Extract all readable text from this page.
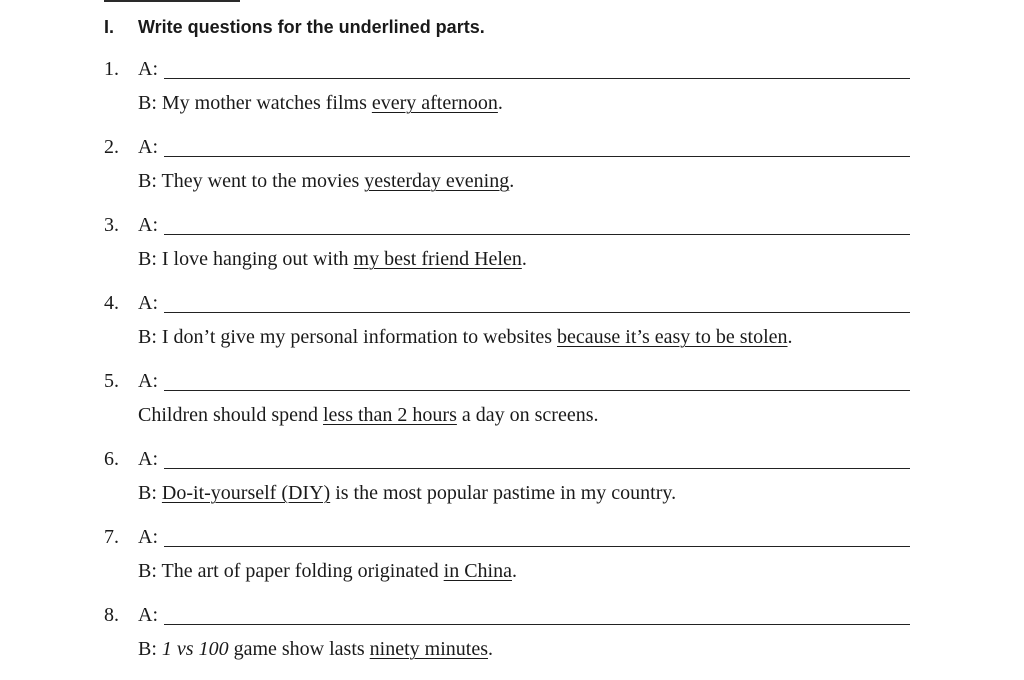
I. Write questions for the underlined parts.
1. A:
B: My mother watches films every afternoon.
2. A:
B: They went to the movies yesterday evening.
3. A:
B: I love hanging out with my best friend Helen.
4. A:
B: I don’t give my personal information to websites because it’s easy to be stolen.
5. A:
Children should spend less than 2 hours a day on screens.
6. A:
B: Do-it-yourself (DIY) is the most popular pastime in my country.
7. A:
B: The art of paper folding originated in China.
8. A:
B: 1 vs 100 game show lasts ninety minutes.
